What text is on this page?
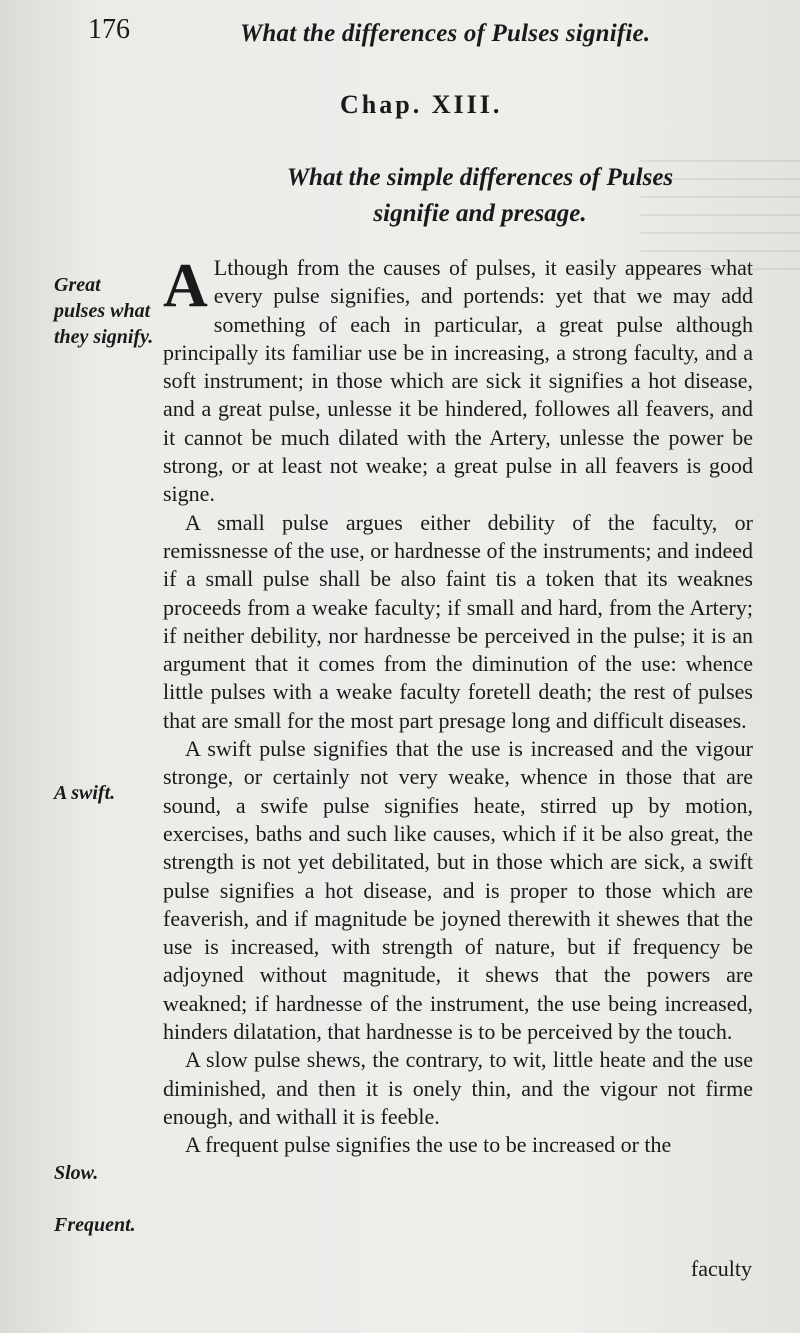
176	What the differences of Pulses signifie.
Chap. XIII.
What the simple differences of Pulses
signifie and presage.
Great pulses what they signify.
A swift.
Slow.
Frequent.

A Lthough from the causes of pulses, it easily appeares what every pulse signifies, and portends: yet that we may add something of each in particular, a great pulse although principally its familiar use be in increasing, a strong faculty, and a soft instrument; in those which are sick it signifies a hot disease, and a great pulse, unlesse it be hindered, followes all feavers, and it cannot be much dilated with the Artery, unlesse the power be strong, or at least not weake; a great pulse in all feavers is good signe.

A small pulse argues either debility of the faculty, or remissnesse of the use, or hardnesse of the instruments; and indeed if a small pulse shall be also faint tis a token that its weaknes proceeds from a weake faculty; if small and hard, from the Artery; if neither debility, nor hardnesse be perceived in the pulse; it is an argument that it comes from the diminution of the use: whence little pulses with a weake faculty foretell death; the rest of pulses that are small for the most part presage long and difficult diseases.

A swift pulse signifies that the use is increased and the vigour stronge, or certainly not very weake, whence in those that are sound, a swife pulse signifies heate, stirred up by motion, exercises, baths and such like causes, which if it be also great, the strength is not yet debilitated, but in those which are sick, a swift pulse signifies a hot disease, and is proper to those which are feaverish, and if magnitude be joyned therewith it shewes that the use is increased, with strength of nature, but if frequency be adjoyned without magnitude, it shews that the powers are weakned; if hardnesse of the instrument, the use being increased, hinders dilatation, that hardnesse is to be perceived by the touch.

A slow pulse shews, the contrary, to wit, little heate and the use diminished, and then it is onely thin, and the vigour not firme enough, and withall it is feeble.

A frequent pulse signifies the use to be increased or the

faculty
